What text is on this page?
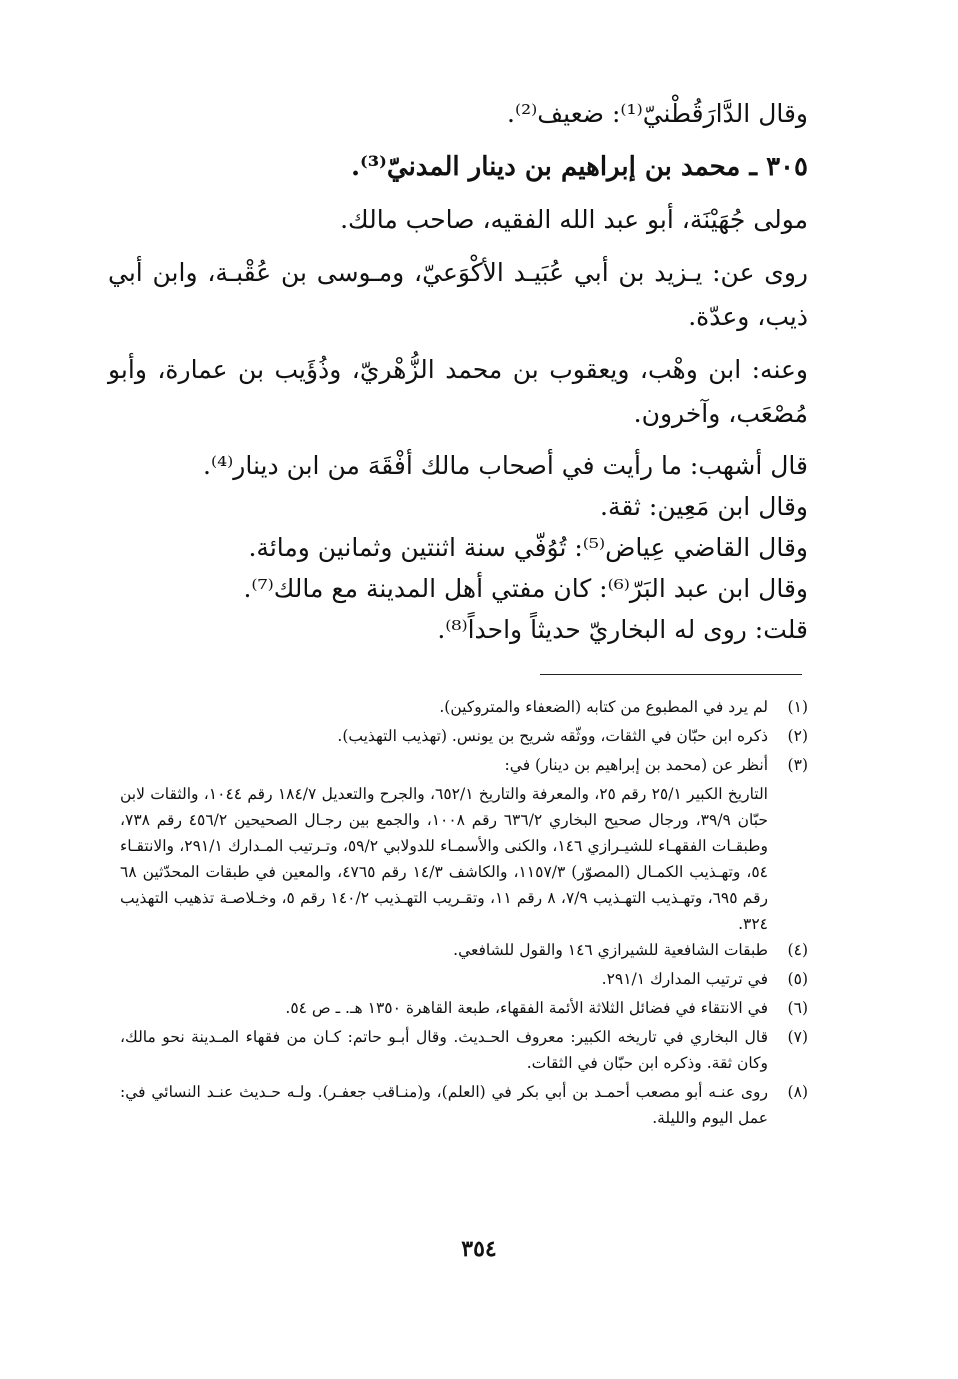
وقال الدَّارَقُطْنيّ⁽¹⁾: ضعيف⁽²⁾.

٣٠٥ ـ محمد بن إبراهيم بن دينار المدنيّ⁽³⁾.

مولى جُهَيْنَة، أبو عبد الله الفقيه، صاحب مالك.

روى عن: يـزيد بن أبي عُبَيـد الأكْوَعيّ، ومـوسى بن عُقْبـة، وابن أبي ذيب، وعدّة.

وعنه: ابن وهْب، ويعقوب بن محمد الزُّهْريّ، وذُؤَيب بن عمارة، وأبو مُصْعَب، وآخرون.

قال أشهب: ما رأيت في أصحاب مالك أفْقَهَ من ابن دينار⁽⁴⁾.

وقال ابن مَعِين: ثقة.

وقال القاضي عِياض⁽⁵⁾: تُوُفّي سنة اثنتين وثمانين ومائة.

وقال ابن عبد البَرّ⁽⁶⁾: كان مفتي أهل المدينة مع مالك⁽⁷⁾.

قلت: روى له البخاريّ حديثاً واحداً⁽⁸⁾.

(١)
لم يرد في المطبوع من كتابه (الضعفاء والمتروكين).
(٢)
ذكره ابن حبّان في الثقات، ووثّقه شريح بن يونس. (تهذيب التهذيب).
(٣)
أنظر عن (محمد بن إبراهيم بن دينار) في:

التاريخ الكبير ٢٥/١ رقم ٢٥، والمعرفة والتاريخ ٦٥٢/١، والجرح والتعديل ١٨٤/٧ رقم ١٠٤٤، والثقات لابن حبّان ٣٩/٩، ورجال صحيح البخاري ٦٣٦/٢ رقم ١٠٠٨، والجمع بين رجـال الصحيحين ٤٥٦/٢ رقم ٧٣٨، وطبقـات الفقهـاء للشيـرازي ١٤٦، والكنى والأسمـاء للدولابي ٥٩/٢، وتـرتيب المـدارك ٢٩١/١، والانتقـاء ٥٤، وتهـذيب الكمـال (المصوّر) ١١٥٧/٣، والكاشف ١٤/٣ رقم ٤٧٦٥، والمعين في طبقات المحدّثين ٦٨ رقم ٦٩٥، وتهـذيب التهـذيب ٧/٩، ٨ رقم ١١، وتقـريب التهـذيب ١٤٠/٢ رقم ٥، وخـلاصـة تذهيب التهذيب ٣٢٤.

(٤)
طبقات الشافعية للشيرازي ١٤٦ والقول للشافعي.
(٥)
في ترتيب المدارك ٢٩١/١.
(٦)
في الانتقاء في فضائل الثلاثة الأئمة الفقهاء، طبعة القاهرة ١٣٥٠ هـ. ـ ص ٥٤.
(٧)
قال البخاري في تاريخه الكبير: معروف الحـديث. وقال أبـو حاتم: كـان من فقهاء المـدينة نحو مالك، وكان ثقة. وذكره ابن حبّان في الثقات.
(٨)
روى عنـه أبو مصعب أحمـد بن أبي بكر في (العلم)، و(منـاقب جعفـر). ولـه حـديث عنـد النسائي في: عمل اليوم والليلة.
٣٥٤
